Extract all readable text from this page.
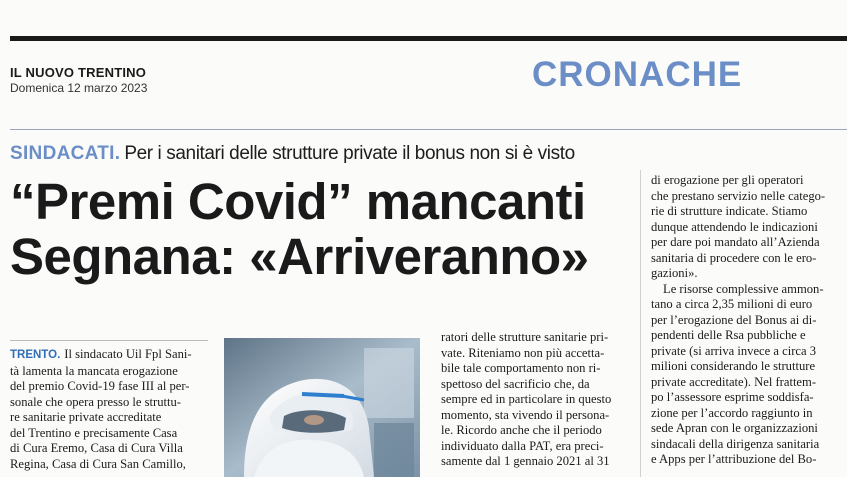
IL NUOVO TRENTINO
Domenica 12 marzo 2023	CRONACHE
SINDACATI. Per i sanitari delle strutture private il bonus non si è visto
“Premi Covid” mancanti
Segnana: «Arriveranno»

TRENTO. Il sindacato Uil Fpl Sani-
tà lamenta la mancata erogazione
del premio Covid-19 fase III al per-
sonale che opera presso le struttu-
re sanitarie private accreditate
del Trentino e precisamente Casa
di Cura Eremo, Casa di Cura Villa
Regina, Casa di Cura San Camillo,

ratori delle strutture sanitarie pri-
vate. Riteniamo non più accetta-
bile tale comportamento non ri-
spettoso del sacrificio che, da
sempre ed in particolare in questo
momento, sta vivendo il persona-
le. Ricordo anche che il periodo
individuato dalla PAT, era preci-
samente dal 1 gennaio 2021 al 31

di erogazione per gli operatori
che prestano servizio nelle catego-
rie di strutture indicate. Stiamo
dunque attendendo le indicazioni
per dare poi mandato all’Azienda
sanitaria di procedere con le ero-
gazioni».

Le risorse complessive ammon-
tano a circa 2,35 milioni di euro
per l’erogazione del Bonus ai di-
pendenti delle Rsa pubbliche e
private (si arriva invece a circa 3
milioni considerando le strutture
private accreditate). Nel frattem-
po l’assessore esprime soddisfa-
zione per l’accordo raggiunto in
sede Apran con le organizzazioni
sindacali della dirigenza sanitaria
e Apps per l’attribuzione del Bo-
